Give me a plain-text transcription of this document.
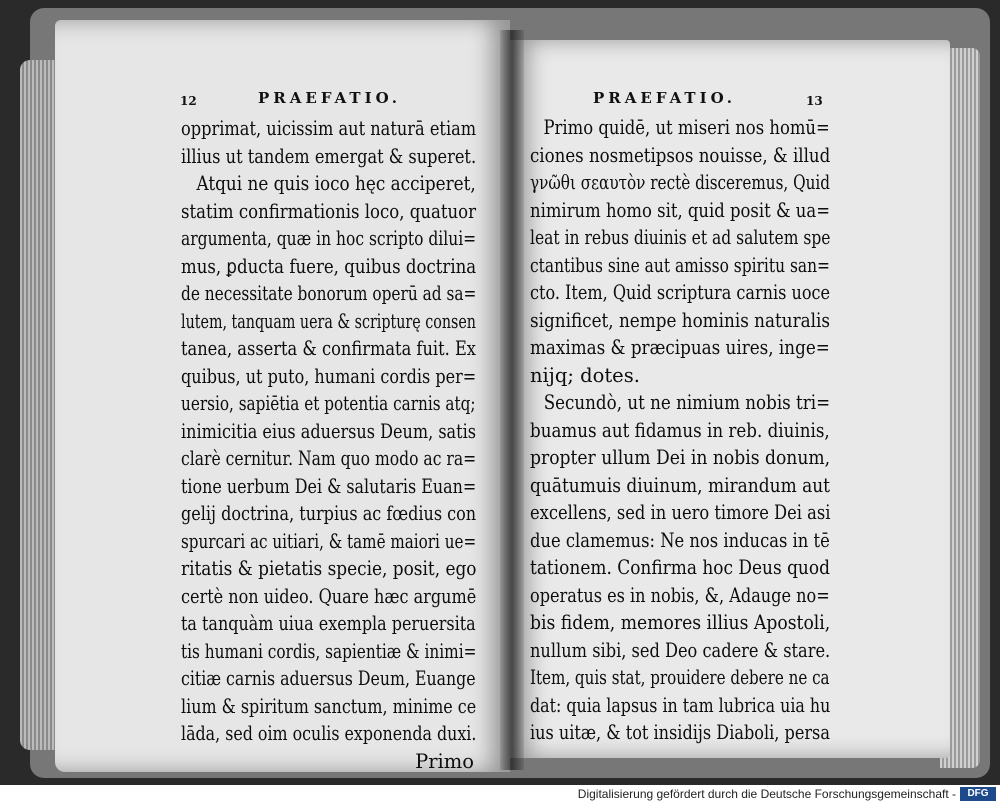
12	PRAEFATIO.	PRAEFATIO.	13
opprimat, uicissim aut naturā etiam
illius ut tandem emergat & superet.
Atqui ne quis ioco hęc acciperet,
statim confirmationis loco, quatuor
argumenta, quæ in hoc scripto dilui=
mus, ꝑducta fuere, quibus doctrina
de necessitate bonorum operū ad sa=
lutem, tanquam uera & scripturę consen
tanea, asserta & confirmata fuit. Ex
quibus, ut puto, humani cordis per=
uersio, sapiētia et potentia carnis atq;
inimicitia eius aduersus Deum, satis
clarè cernitur. Nam quo modo ac ra=
tione uerbum Dei & salutaris Euan=
gelij doctrina, turpius ac fœdius con
spurcari ac uitiari, & tamē maiori ue=
ritatis & pietatis specie, posit, ego
certè non uideo. Quare hæc argumē
ta tanquàm uiua exempla peruersita
tis humani cordis, sapientiæ & inimi=
citiæ carnis aduersus Deum, Euange
lium & spiritum sanctum, minime ce
lāda, sed oim oculis exponenda duxi.
Primo
Primo quidē, ut miseri nos homū=
ciones nosmetipsos nouisse, & illud
γνῶθι σεαυτὸν rectè disceremus, Quid
nimirum homo sit, quid posit & ua=
leat in rebus diuinis et ad salutem spe
ctantibus sine aut amisso spiritu san=
cto. Item, Quid scriptura carnis uoce
significet, nempe hominis naturalis
maximas & præcipuas uires, inge=
nijq; dotes.
Secundò, ut ne nimium nobis tri=
buamus aut fidamus in reb. diuinis,
propter ullum Dei in nobis donum,
quātumuis diuinum, mirandum aut
excellens, sed in uero timore Dei asi
due clamemus: Ne nos inducas in tē
tationem. Confirma hoc Deus quod
operatus es in nobis, &, Adauge no=
bis fidem, memores illius Apostoli,
nullum sibi, sed Deo cadere & stare.
Item, quis stat, prouidere debere ne ca
dat: quia lapsus in tam lubrica uia hu
ius uitæ, & tot insidijs Diaboli, persa
Digitalisierung gefördert durch die Deutsche Forschungsgemeinschaft -	DFG
